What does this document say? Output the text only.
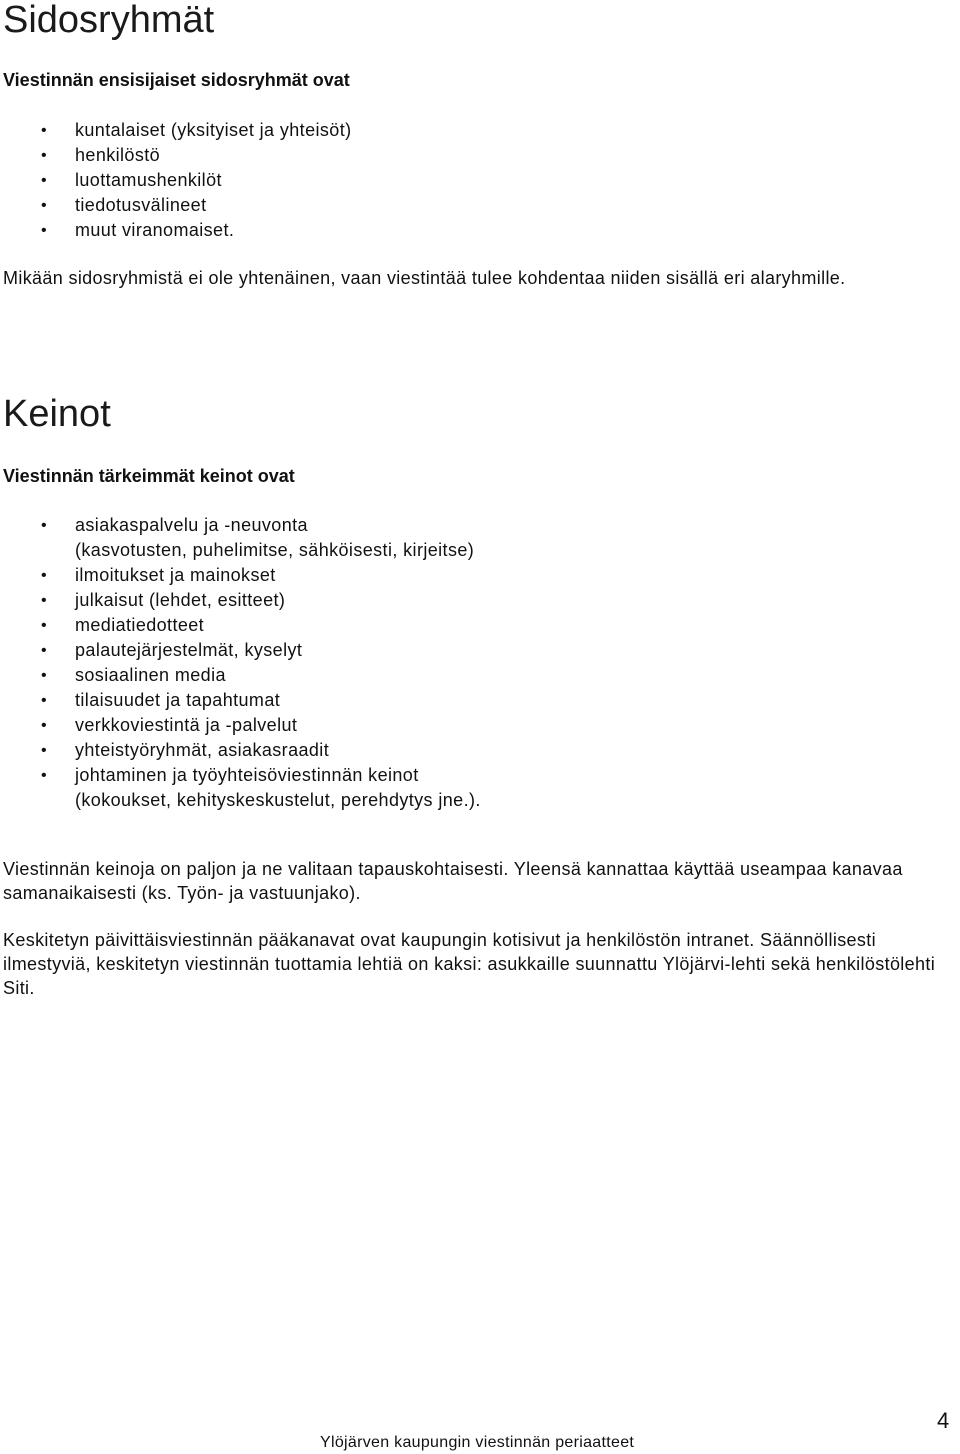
Sidosryhmät
Viestinnän ensisijaiset sidosryhmät ovat
• kuntalaiset (yksityiset ja yhteisöt)
• henkilöstö
• luottamushenkilöt
• tiedotusvälineet
• muut viranomaiset.

Mikään sidosryhmistä ei ole yhtenäinen, vaan viestintää tulee kohdentaa niiden sisällä eri alaryhmille.

Keinot
Viestinnän tärkeimmät keinot ovat
• asiakaspalvelu ja -neuvonta
(kasvotusten, puhelimitse, sähköisesti, kirjeitse)
• ilmoitukset ja mainokset
• julkaisut (lehdet, esitteet)
• mediatiedotteet
• palautejärjestelmät, kyselyt
• sosiaalinen media
• tilaisuudet ja tapahtumat
• verkkoviestintä ja -palvelut
• yhteistyöryhmät, asiakasraadit
• johtaminen ja työyhteisöviestinnän keinot
(kokoukset, kehityskeskustelut, perehdytys jne.).

Viestinnän keinoja on paljon ja ne valitaan tapauskohtaisesti. Yleensä kannattaa käyttää useampaa kanavaa samanaikaisesti (ks. Työn- ja vastuunjako).

Keskitetyn päivittäisviestinnän pääkanavat ovat kaupungin kotisivut ja henkilöstön intranet. Säännöllisesti ilmestyviä, keskitetyn viestinnän tuottamia lehtiä on kaksi: asukkaille suunnattu Ylöjärvi-lehti sekä henkilöstölehti Siti.

4
Ylöjärven kaupungin viestinnän periaatteet
